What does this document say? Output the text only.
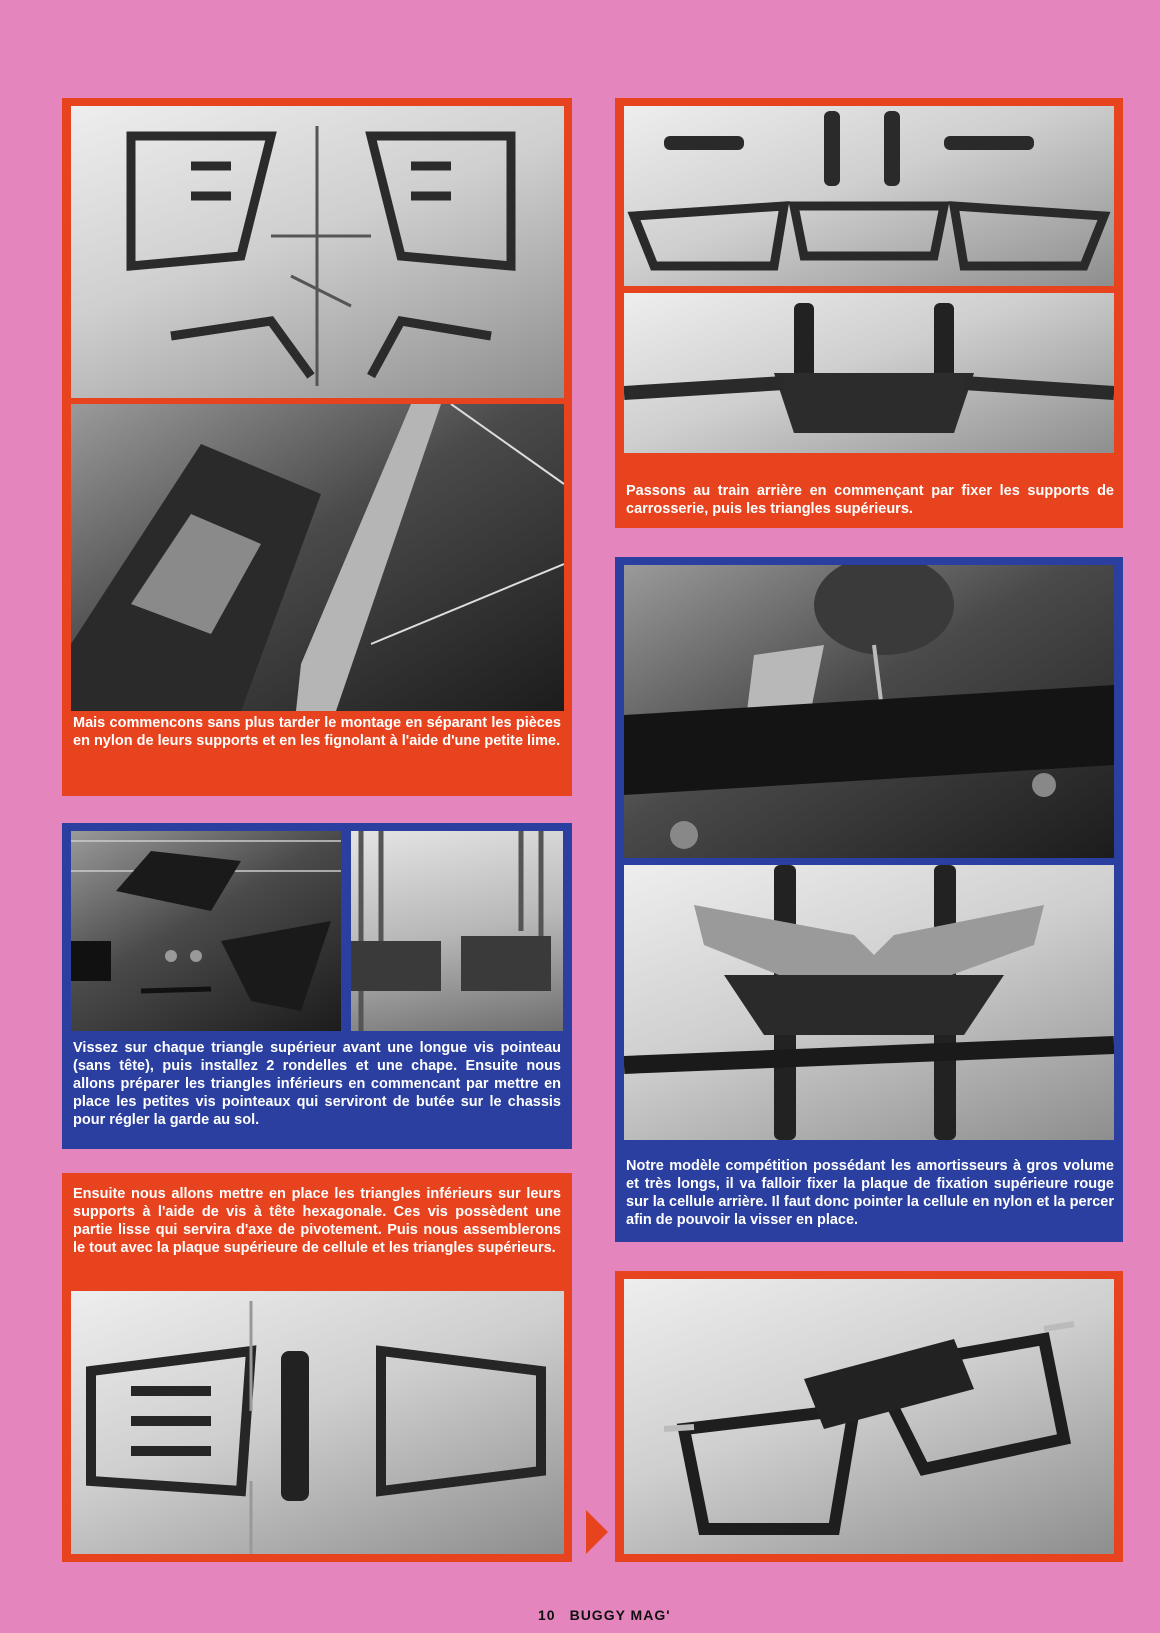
Mais commencons sans plus tarder le montage en séparant les pièces en nylon de leurs supports et en les fignolant à l'aide d'une petite lime.
Vissez sur chaque triangle supérieur avant une longue vis pointeau (sans tête), puis installez 2 rondelles et une chape. Ensuite nous allons préparer les triangles inférieurs en commencant par mettre en place les petites vis pointeaux qui serviront de butée sur le chassis pour régler la garde au sol.
Ensuite nous allons mettre en place les triangles inférieurs sur leurs supports à l'aide de vis à tête hexagonale. Ces vis possèdent une partie lisse qui servira d'axe de pivotement. Puis nous assemblerons le tout avec la plaque supérieure de cellule et les triangles supérieurs.
Passons au train arrière en commençant par fixer les supports de carrosserie, puis les triangles supérieurs.
Notre modèle compétition possédant les amortisseurs à gros volume et très longs, il va falloir fixer la plaque de fixation supérieure rouge sur la cellule arrière. Il faut donc pointer la cellule en nylon et la percer afin de pouvoir la visser en place.
10 BUGGY MAG'
